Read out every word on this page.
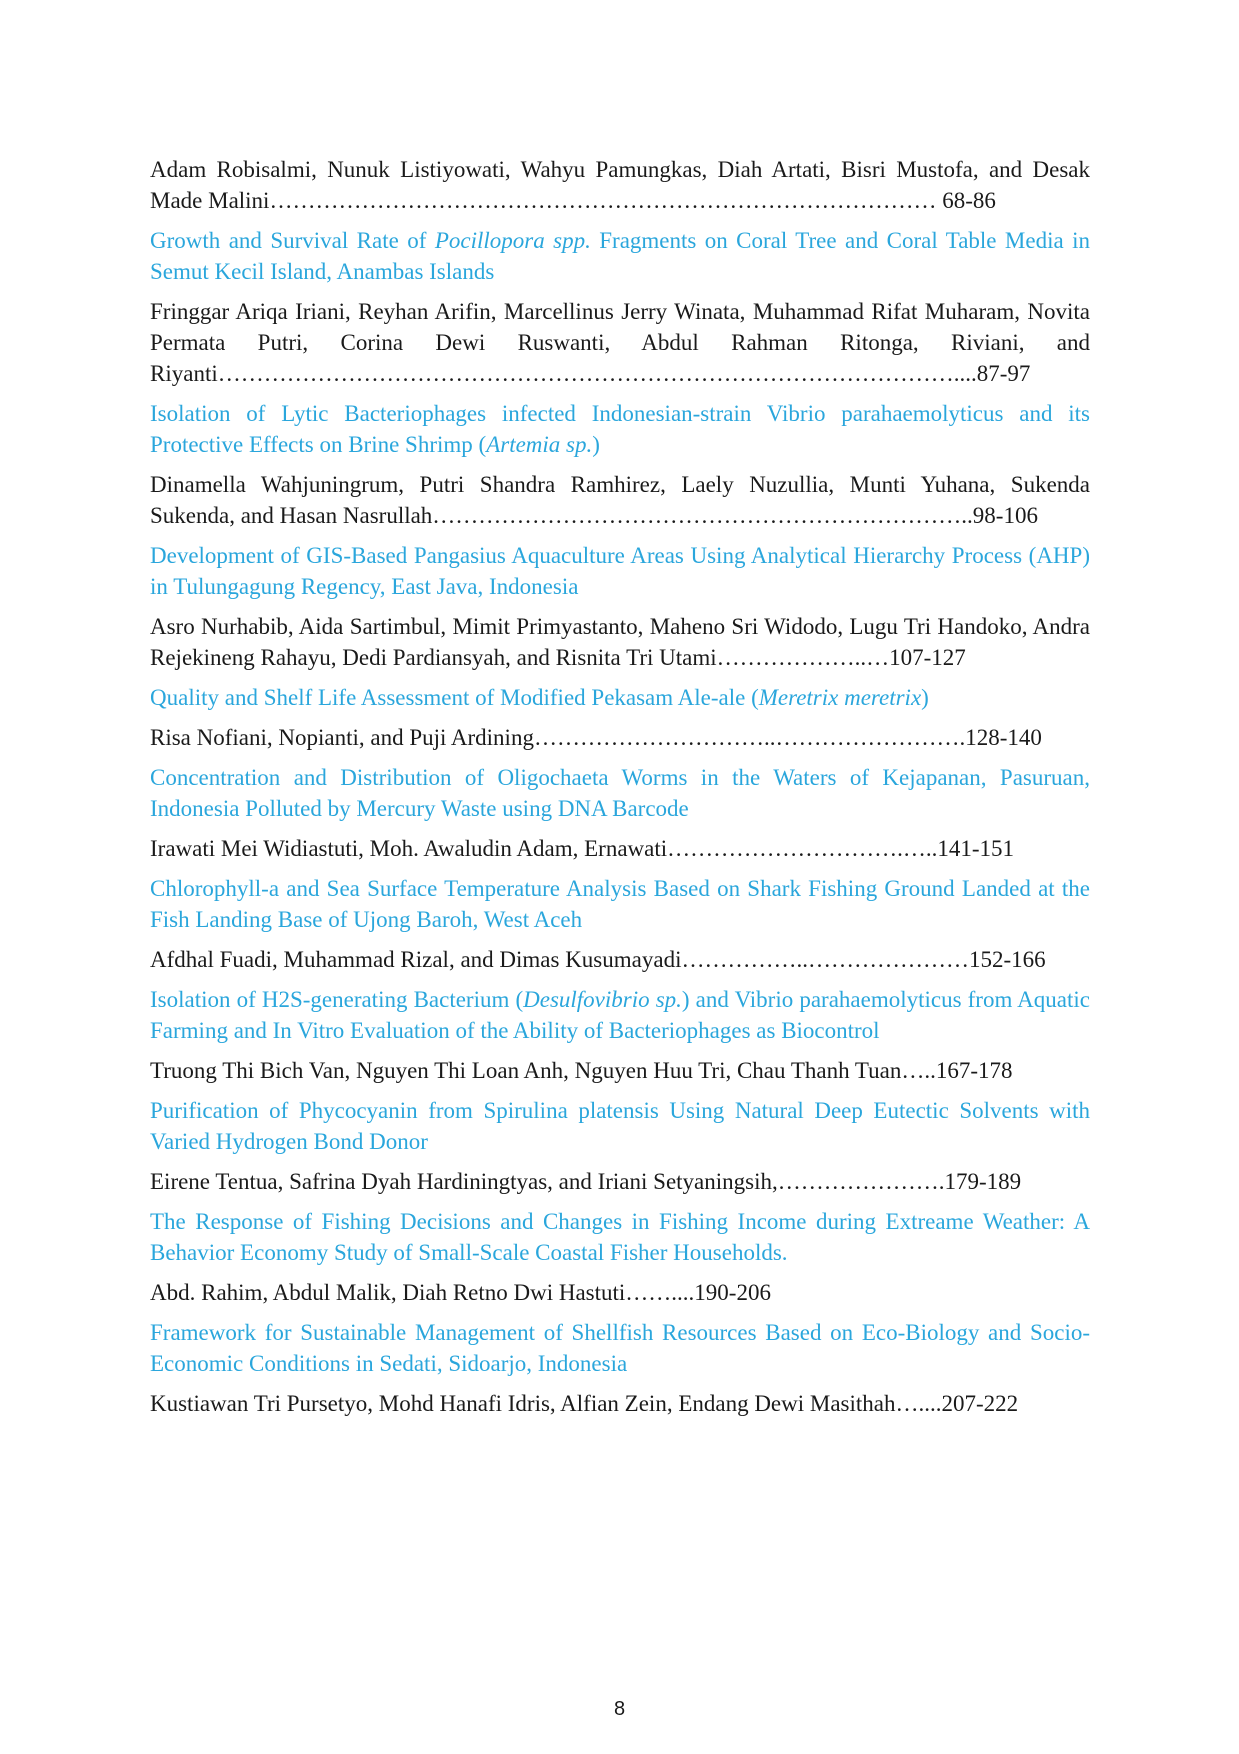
Adam Robisalmi, Nunuk Listiyowati, Wahyu Pamungkas, Diah Artati, Bisri Mustofa, and Desak Made Malini…………………………………………………………………………… 68-86

Growth and Survival Rate of Pocillopora spp. Fragments on Coral Tree and Coral Table Media in Semut Kecil Island, Anambas Islands

Fringgar Ariqa Iriani, Reyhan Arifin, Marcellinus Jerry Winata, Muhammad Rifat Muharam, Novita Permata Putri, Corina Dewi Ruswanti, Abdul Rahman Ritonga, Riviani, and Riyanti……………………………………………………………………………………....87-97

Isolation of Lytic Bacteriophages infected Indonesian-strain Vibrio parahaemolyticus and its Protective Effects on Brine Shrimp (Artemia sp.)

Dinamella Wahjuningrum, Putri Shandra Ramhirez, Laely Nuzullia, Munti Yuhana, Sukenda Sukenda, and Hasan Nasrullah……………………………………………………………..98-106

Development of GIS-Based Pangasius Aquaculture Areas Using Analytical Hierarchy Process (AHP) in Tulungagung Regency, East Java, Indonesia

Asro Nurhabib, Aida Sartimbul, Mimit Primyastanto, Maheno Sri Widodo, Lugu Tri Handoko, Andra Rejekineng Rahayu, Dedi Pardiansyah, and Risnita Tri Utami………………..…107-127

Quality and Shelf Life Assessment of Modified Pekasam Ale-ale (Meretrix meretrix)

Risa Nofiani, Nopianti, and Puji Ardining…………………………..…………………….128-140

Concentration and Distribution of Oligochaeta Worms in the Waters of Kejapanan, Pasuruan, Indonesia Polluted by Mercury Waste using DNA Barcode

Irawati Mei Widiastuti, Moh. Awaludin Adam, Ernawati………………………….…..141-151

Chlorophyll-a and Sea Surface Temperature Analysis Based on Shark Fishing Ground Landed at the Fish Landing Base of Ujong Baroh, West Aceh

Afdhal Fuadi, Muhammad Rizal, and Dimas Kusumayadi……………..…………………152-166

Isolation of H2S-generating Bacterium (Desulfovibrio sp.) and Vibrio parahaemolyticus from Aquatic Farming and In Vitro Evaluation of the Ability of Bacteriophages as Biocontrol

Truong Thi Bich Van, Nguyen Thi Loan Anh, Nguyen Huu Tri, Chau Thanh Tuan…..167-178

Purification of Phycocyanin from Spirulina platensis Using Natural Deep Eutectic Solvents with Varied Hydrogen Bond Donor

Eirene Tentua, Safrina Dyah Hardiningtyas, and Iriani Setyaningsih,………………….179-189

The Response of Fishing Decisions and Changes in Fishing Income during Extreame Weather: A Behavior Economy Study of Small-Scale Coastal Fisher Households.

Abd. Rahim, Abdul Malik, Diah Retno Dwi Hastuti……....190-206

Framework for Sustainable Management of Shellfish Resources Based on Eco-Biology and Socio-Economic Conditions in Sedati, Sidoarjo, Indonesia

Kustiawan Tri Pursetyo, Mohd Hanafi Idris, Alfian Zein, Endang Dewi Masithah…....207-222

8
